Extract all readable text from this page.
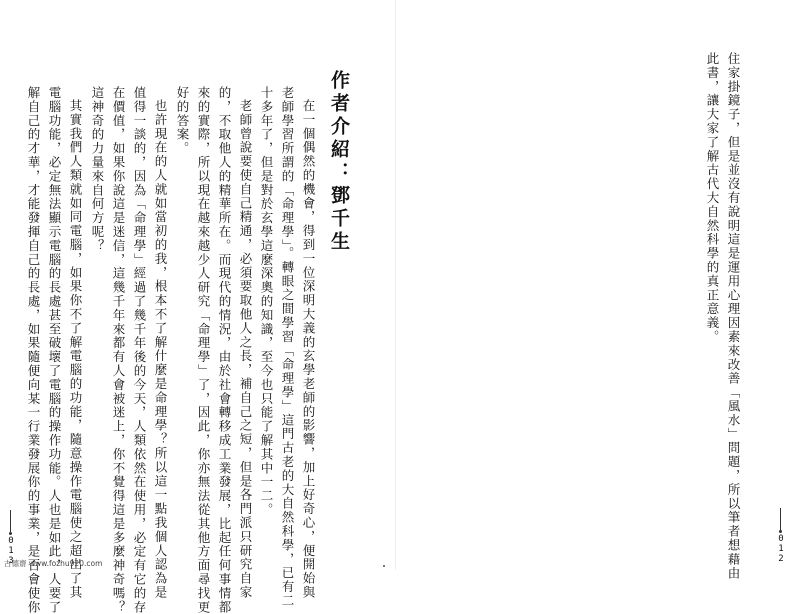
作者介紹：鄧千生
在一個偶然的機會，得到一位深明大義的玄學老師的影響，加上好奇心，便開始與
老師學習所謂的「命理學」。轉眼之間學習「命理學」這門古老的大自然科學，已有二
十多年了，但是對於玄學這麼深奧的知識，至今也只能了解其中一二。
老師曾說要使自己精通，必須要取他人之長，補自己之短，但是各門派只研究自家
的，不取他人的精華所在。而現代的情況，由於社會轉移成工業發展，比起任何事情都
來的實際，所以現在越來越少人研究「命理學」了，因此，你亦無法從其他方面尋找更
好的答案。
也許現在的人就如當初的我，根本不了解什麼是命理學？所以這一點我個人認為是
值得一談的，因為「命理學」經過了幾千年後的今天，人類依然在使用，必定有它的存
在價值，如果你說這是迷信，這幾千年來都有人會被迷上，你不覺得這是多麼神奇嗎？
這神奇的力量來自何方呢？
其實我們人類就如同電腦，如果你不了解電腦的功能，隨意操作電腦使之超出了其
電腦功能，必定無法顯示電腦的長處甚至破壞了電腦的操作功能。人也是如此，人要了
解自己的才華，才能發揮自己的長處，如果隨便向某一行業發展你的事業，是否會使你
013
古德齋 www.fozhu920.com	住家掛鏡子，但是並沒有說明這是運用心理因素來改善「風水」問題，所以筆者想藉由
此書，讓大家了解古代大自然科學的真正意義。
012
